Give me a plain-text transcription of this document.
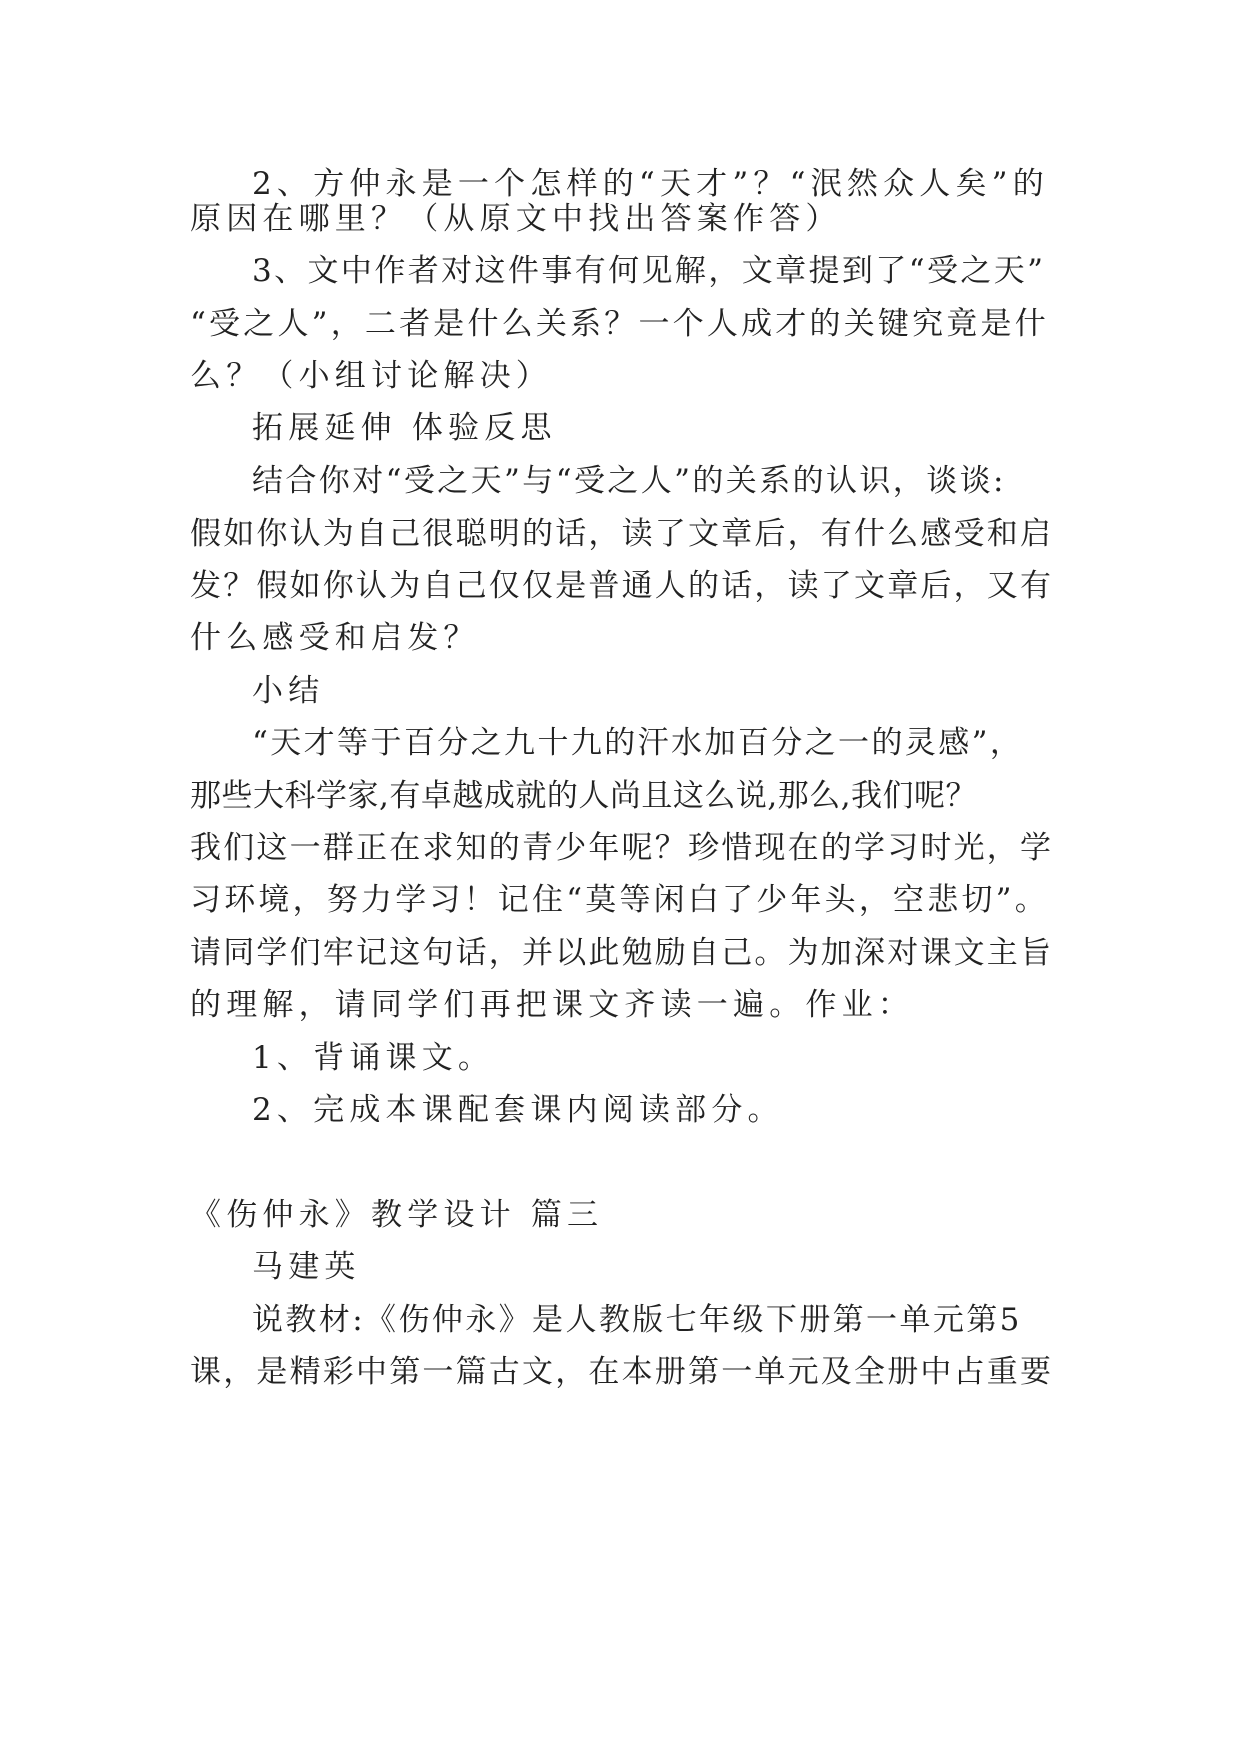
2、方仲永是一个怎样的“天才”？“泯然众人矣”的
原因在哪里？（从原文中找出答案作答）
3、文中作者对这件事有何见解，文章提到了“受之天”
“受之人”，二者是什么关系？一个人成才的关键究竟是什
么？（小组讨论解决）
拓展延伸 体验反思
结合你对“受之天”与“受之人”的关系的认识，谈谈:
假如你认为自己很聪明的话，读了文章后，有什么感受和启
发？假如你认为自己仅仅是普通人的话，读了文章后，又有
什么感受和启发？
小结
“天才等于百分之九十九的汗水加百分之一的灵感”，
那些大科学家,有卓越成就的人尚且这么说,那么,我们呢？
我们这一群正在求知的青少年呢？珍惜现在的学习时光，学
习环境，努力学习！记住“莫等闲白了少年头，空悲切”。
请同学们牢记这句话，并以此勉励自己。为加深对课文主旨
的理解，请同学们再把课文齐读一遍。作业：
1、背诵课文。
2、完成本课配套课内阅读部分。
《伤仲永》教学设计 篇三
马建英
说教材:《伤仲永》是人教版七年级下册第一单元第5
课，是精彩中第一篇古文，在本册第一单元及全册中占重要
